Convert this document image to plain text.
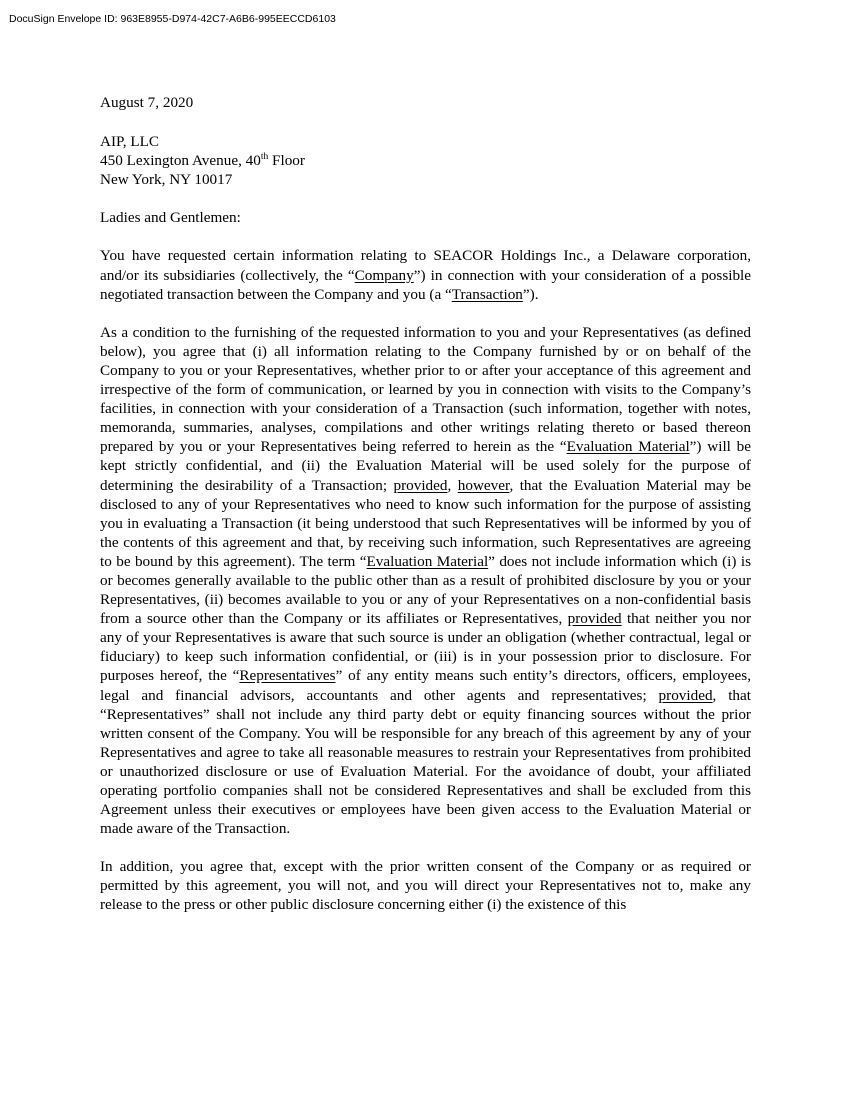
DocuSign Envelope ID: 963E8955-D974-42C7-A6B6-995EECCD6103

August 7, 2020

AIP, LLC
450 Lexington Avenue, 40th Floor
New York, NY 10017

Ladies and Gentlemen:

You have requested certain information relating to SEACOR Holdings Inc., a Delaware corporation, and/or its subsidiaries (collectively, the “Company”) in connection with your consideration of a possible negotiated transaction between the Company and you (a “Transaction”).

As a condition to the furnishing of the requested information to you and your Representatives (as defined below), you agree that (i) all information relating to the Company furnished by or on behalf of the Company to you or your Representatives, whether prior to or after your acceptance of this agreement and irrespective of the form of communication, or learned by you in connection with visits to the Company’s facilities, in connection with your consideration of a Transaction (such information, together with notes, memoranda, summaries, analyses, compilations and other writings relating thereto or based thereon prepared by you or your Representatives being referred to herein as the “Evaluation Material”) will be kept strictly confidential, and (ii) the Evaluation Material will be used solely for the purpose of determining the desirability of a Transaction; provided, however, that the Evaluation Material may be disclosed to any of your Representatives who need to know such information for the purpose of assisting you in evaluating a Transaction (it being understood that such Representatives will be informed by you of the contents of this agreement and that, by receiving such information, such Representatives are agreeing to be bound by this agreement). The term “Evaluation Material” does not include information which (i) is or becomes generally available to the public other than as a result of prohibited disclosure by you or your Representatives, (ii) becomes available to you or any of your Representatives on a non-confidential basis from a source other than the Company or its affiliates or Representatives, provided that neither you nor any of your Representatives is aware that such source is under an obligation (whether contractual, legal or fiduciary) to keep such information confidential, or (iii) is in your possession prior to disclosure. For purposes hereof, the “Representatives” of any entity means such entity’s directors, officers, employees, legal and financial advisors, accountants and other agents and representatives; provided, that “Representatives” shall not include any third party debt or equity financing sources without the prior written consent of the Company. You will be responsible for any breach of this agreement by any of your Representatives and agree to take all reasonable measures to restrain your Representatives from prohibited or unauthorized disclosure or use of Evaluation Material. For the avoidance of doubt, your affiliated operating portfolio companies shall not be considered Representatives and shall be excluded from this Agreement unless their executives or employees have been given access to the Evaluation Material or made aware of the Transaction.

In addition, you agree that, except with the prior written consent of the Company or as required or permitted by this agreement, you will not, and you will direct your Representatives not to, make any release to the press or other public disclosure concerning either (i) the existence of this
